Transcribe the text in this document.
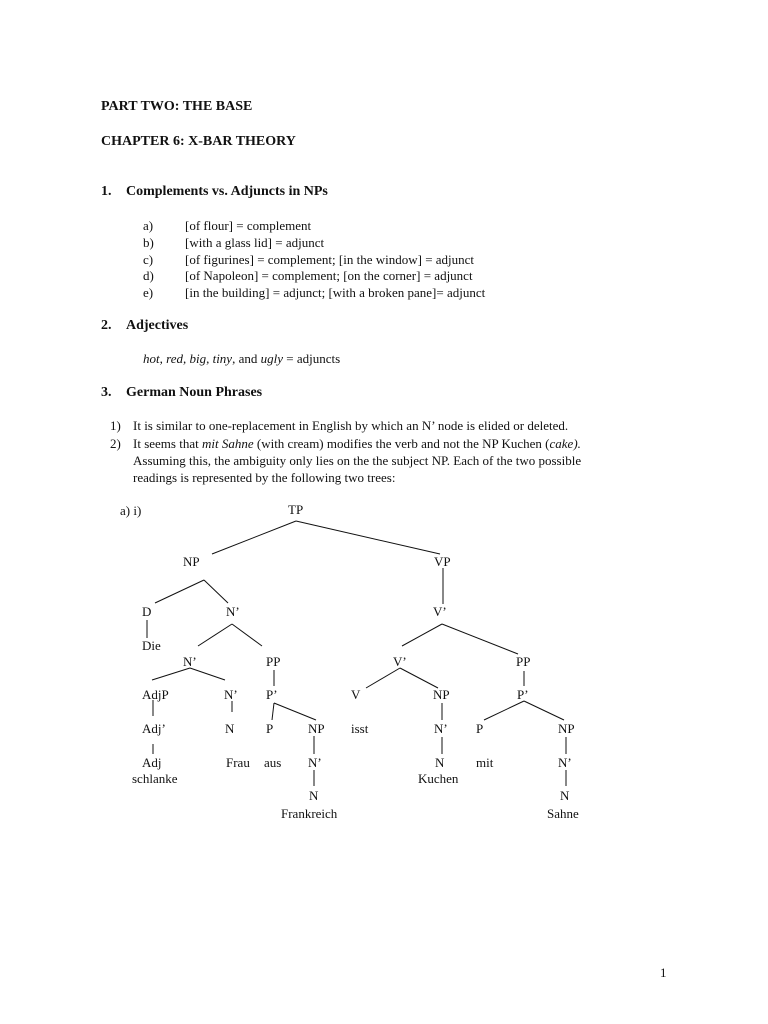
PART TWO: THE BASE
CHAPTER 6: X-BAR THEORY
1. Complements vs. Adjuncts in NPs
a) [of flour] = complement
b) [with a glass lid] = adjunct
c) [of figurines] = complement; [in the window] = adjunct
d) [of Napoleon] = complement; [on the corner] = adjunct
e) [in the building] = adjunct; [with a broken pane]= adjunct
2. Adjectives
hot, red, big, tiny, and ugly = adjuncts
3. German Noun Phrases
1) It is similar to one-replacement in English by which an N’ node is elided or deleted.
2) It seems that mit Sahne (with cream) modifies the verb and not the NP Kuchen (cake).
Assuming this, the ambiguity only lies on the the subject NP. Each of the two possible
readings is represented by the following two trees:
a) i)	TP
NP	VP
D	N’
Die
N’	PP
AdjP	N’ P’
Adj’	N P	NP
Adj
schlanke
Frau aus N’
N
Frankreich
V’
V’	PP
V	NP	P’
isst	N’ P	NP
N
Kuchen
mit	N’
N
Sahne
1
